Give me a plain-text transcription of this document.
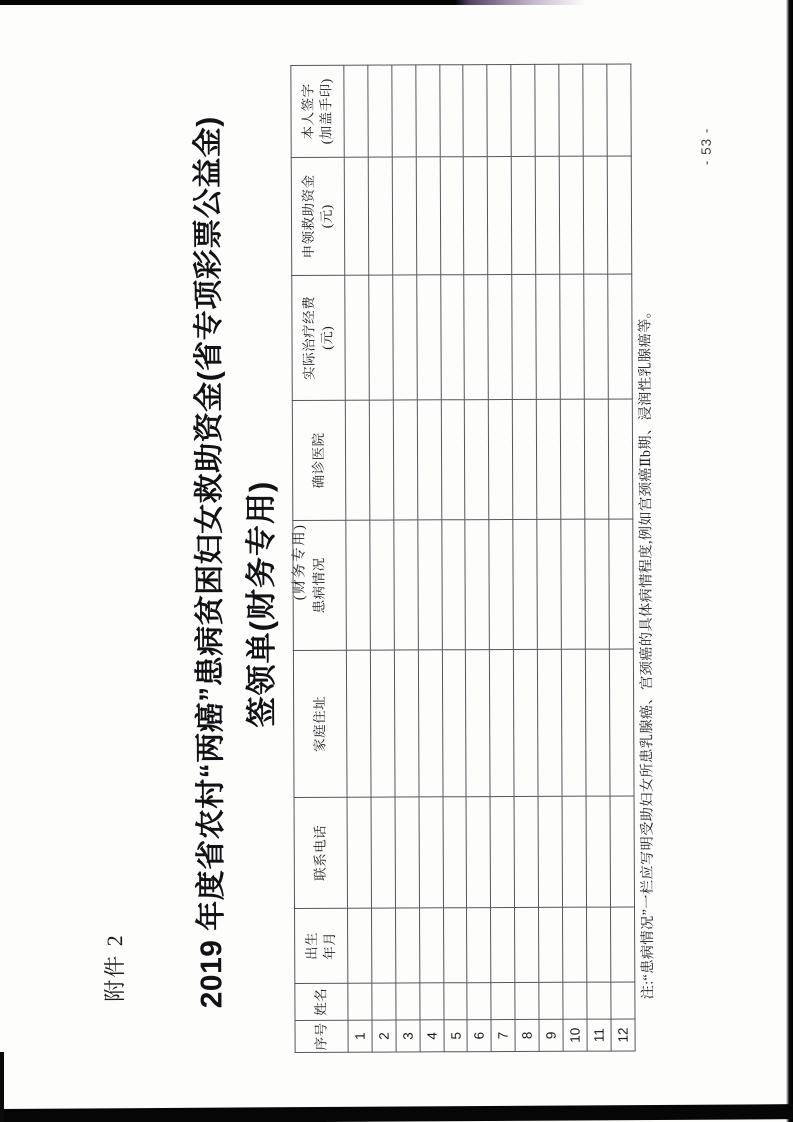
附件 2	2019 年度省农村“两癌”患病贫困妇女救助资金(省专项彩票公益金) 签领单(财务专用) (财务专用)
序号	姓名	出生 年月	联系电话	家庭住址	患病情况	确诊医院	实际治疗经费 (元)	申领救助资金 (元)	本人签字 (加盖手印)
1									
2									
3									
4									
5									
6									
7									
8									
9									
10									
11									
12									
注:“患病情况”一栏应写明受助妇女所患乳腺癌、宫颈癌的具体病情程度,例如宫颈癌Ⅱb期、浸润性乳腺癌等。
- 53 -
